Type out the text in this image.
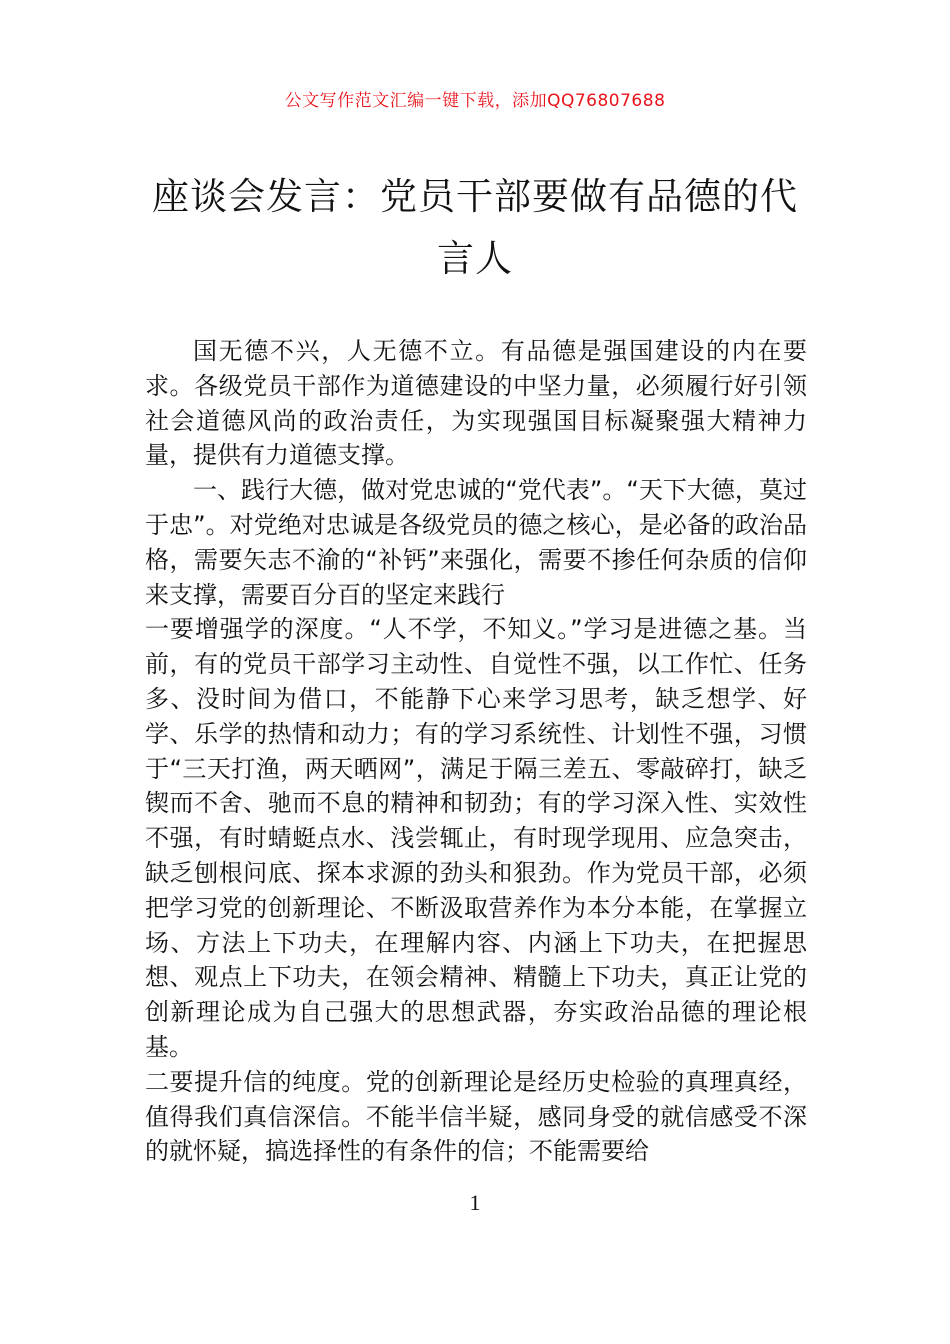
公文写作范文汇编一键下载，添加QQ76807688
座谈会发言：党员干部要做有品德的代言人

国无德不兴，人无德不立。有品德是强国建设的内在要求。各级党员干部作为道德建设的中坚力量，必须履行好引领社会道德风尚的政治责任，为实现强国目标凝聚强大精神力量，提供有力道德支撑。

一、践行大德，做对党忠诚的“党代表”。“天下大德，莫过于忠”。对党绝对忠诚是各级党员的德之核心，是必备的政治品格，需要矢志不渝的“补钙”来强化，需要不掺任何杂质的信仰来支撑，需要百分百的坚定来践行

一要增强学的深度。“人不学，不知义。”学习是进德之基。当前，有的党员干部学习主动性、自觉性不强，以工作忙、任务多、没时间为借口，不能静下心来学习思考，缺乏想学、好学、乐学的热情和动力；有的学习系统性、计划性不强，习惯于“三天打渔，两天晒网”，满足于隔三差五、零敲碎打，缺乏锲而不舍、驰而不息的精神和韧劲；有的学习深入性、实效性不强，有时蜻蜓点水、浅尝辄止，有时现学现用、应急突击，缺乏刨根问底、探本求源的劲头和狠劲。作为党员干部，必须把学习党的创新理论、不断汲取营养作为本分本能，在掌握立场、方法上下功夫，在理解内容、内涵上下功夫，在把握思想、观点上下功夫，在领会精神、精髓上下功夫，真正让党的创新理论成为自己强大的思想武器，夯实政治品德的理论根基。

二要提升信的纯度。党的创新理论是经历史检验的真理真经，值得我们真信深信。不能半信半疑，感同身受的就信感受不深的就怀疑，搞选择性的有条件的信；不能需要给

1
